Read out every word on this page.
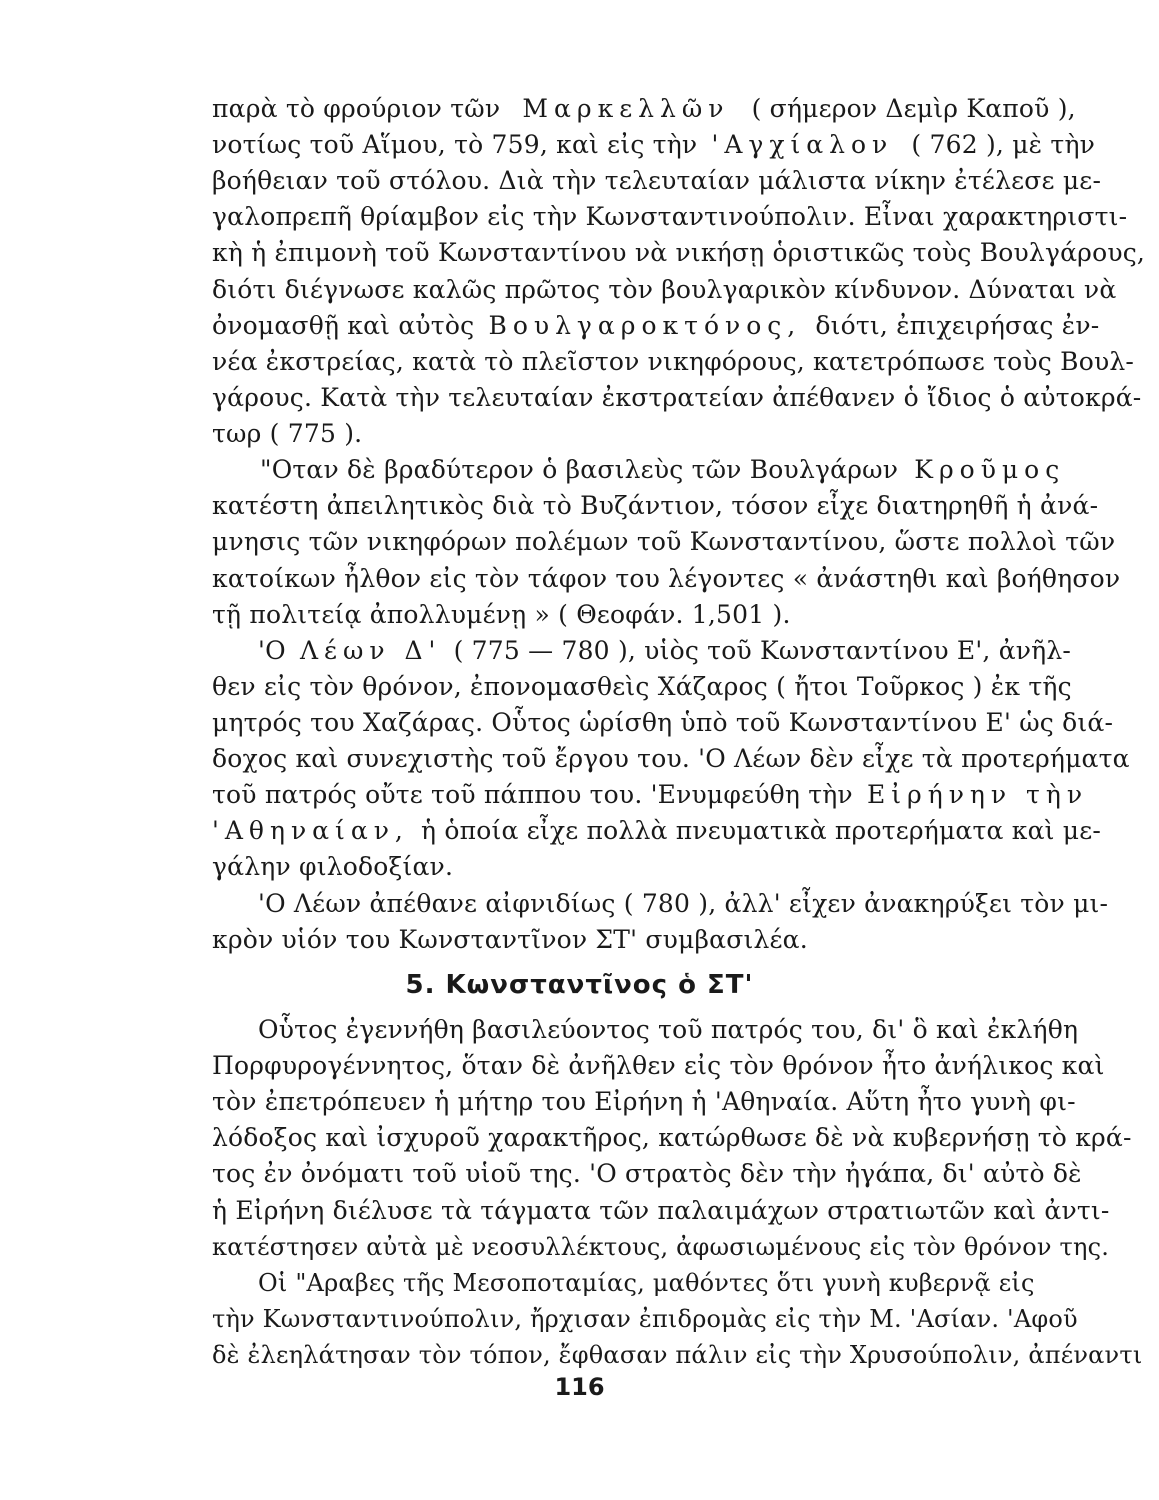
παρὰ τὸ φρούριον τῶν Μαρκελλῶν ( σήμερον Δεμὶρ Καποῦ ),
νοτίως τοῦ Αἵμου, τὸ 759, καὶ εἰς τὴν 'Αγχίαλον ( 762 ), μὲ τὴν
βοήθειαν τοῦ στόλου. Διὰ τὴν τελευταίαν μάλιστα νίκην ἐτέλεσε με-
γαλοπρεπῆ θρίαμβον εἰς τὴν Κωνσταντινούπολιν. Εἶναι χαρακτηριστι-
κὴ ἡ ἐπιμονὴ τοῦ Κωνσταντίνου νὰ νικήσῃ ὁριστικῶς τοὺς Βουλγάρους,
διότι διέγνωσε καλῶς πρῶτος τὸν βουλγαρικὸν κίνδυνον. Δύναται νὰ
ὀνομασθῇ καὶ αὐτὸς Βουλγαροκτόνος, διότι, ἐπιχειρήσας ἐν-
νέα ἐκστρείας, κατὰ τὸ πλεῖστον νικηφόρους, κατετρόπωσε τοὺς Βουλ-
γάρους. Κατὰ τὴν τελευταίαν ἐκστρατείαν ἀπέθανεν ὁ ἴδιος ὁ αὐτοκρά-
τωρ ( 775 ).
"Οταν δὲ βραδύτερον ὁ βασιλεὺς τῶν Βουλγάρων Κροῦμος
κατέστη ἀπειλητικὸς διὰ τὸ Βυζάντιον, τόσον εἶχε διατηρηθῆ ἡ ἀνά-
μνησις τῶν νικηφόρων πολέμων τοῦ Κωνσταντίνου, ὥστε πολλοὶ τῶν
κατοίκων ἦλθον εἰς τὸν τάφον του λέγοντες « ἀνάστηθι καὶ βοήθησον
τῇ πολιτείᾳ ἀπολλυμένῃ » ( Θεοφάν. 1,501 ).
'Ο Λέων Δ' ( 775 — 780 ), υἱὸς τοῦ Κωνσταντίνου Ε', ἀνῆλ-
θεν εἰς τὸν θρόνον, ἐπονομασθεὶς Χάζαρος ( ἤτοι Τοῦρκος ) ἐκ τῆς
μητρός του Χαζάρας. Οὗτος ὡρίσθη ὑπὸ τοῦ Κωνσταντίνου Ε' ὡς διά-
δοχος καὶ συνεχιστὴς τοῦ ἔργου του. 'Ο Λέων δὲν εἶχε τὰ προτερήματα
τοῦ πατρός οὔτε τοῦ πάππου του. 'Ενυμφεύθη τὴν Εἰρήνην τὴν
'Αθηναίαν, ἡ ὁποία εἶχε πολλὰ πνευματικὰ προτερήματα καὶ με-
γάλην φιλοδοξίαν.
'Ο Λέων ἀπέθανε αἰφνιδίως ( 780 ), ἀλλ' εἶχεν ἀνακηρύξει τὸν μι-
κρὸν υἱόν του Κωνσταντῖνον ΣΤ' συμβασιλέα.
5. Κωνσταντῖνος ὁ ΣΤ'
Οὗτος ἐγεννήθη βασιλεύοντος τοῦ πατρός του, δι' ὃ καὶ ἐκλήθη
Πορφυρογέννητος, ὅταν δὲ ἀνῆλθεν εἰς τὸν θρόνον ἦτο ἀνήλικος καὶ
τὸν ἐπετρόπευεν ἡ μήτηρ του Εἰρήνη ἡ 'Αθηναία. Αὕτη ἦτο γυνὴ φι-
λόδοξος καὶ ἰσχυροῦ χαρακτῆρος, κατώρθωσε δὲ νὰ κυβερνήσῃ τὸ κρά-
τος ἐν ὀνόματι τοῦ υἱοῦ της. 'Ο στρατὸς δὲν τὴν ἠγάπα, δι' αὐτὸ δὲ
ἡ Εἰρήνη διέλυσε τὰ τάγματα τῶν παλαιμάχων στρατιωτῶν καὶ ἀντι-
κατέστησεν αὐτὰ μὲ νεοσυλλέκτους, ἀφωσιωμένους εἰς τὸν θρόνον της.
Οἱ "Αραβες τῆς Μεσοποταμίας, μαθόντες ὅτι γυνὴ κυβερνᾷ εἰς
τὴν Κωνσταντινούπολιν, ἤρχισαν ἐπιδρομὰς εἰς τὴν Μ. 'Ασίαν. 'Αφοῦ
δὲ ἐλεηλάτησαν τὸν τόπον, ἔφθασαν πάλιν εἰς τὴν Χρυσούπολιν, ἀπέναντι
116
